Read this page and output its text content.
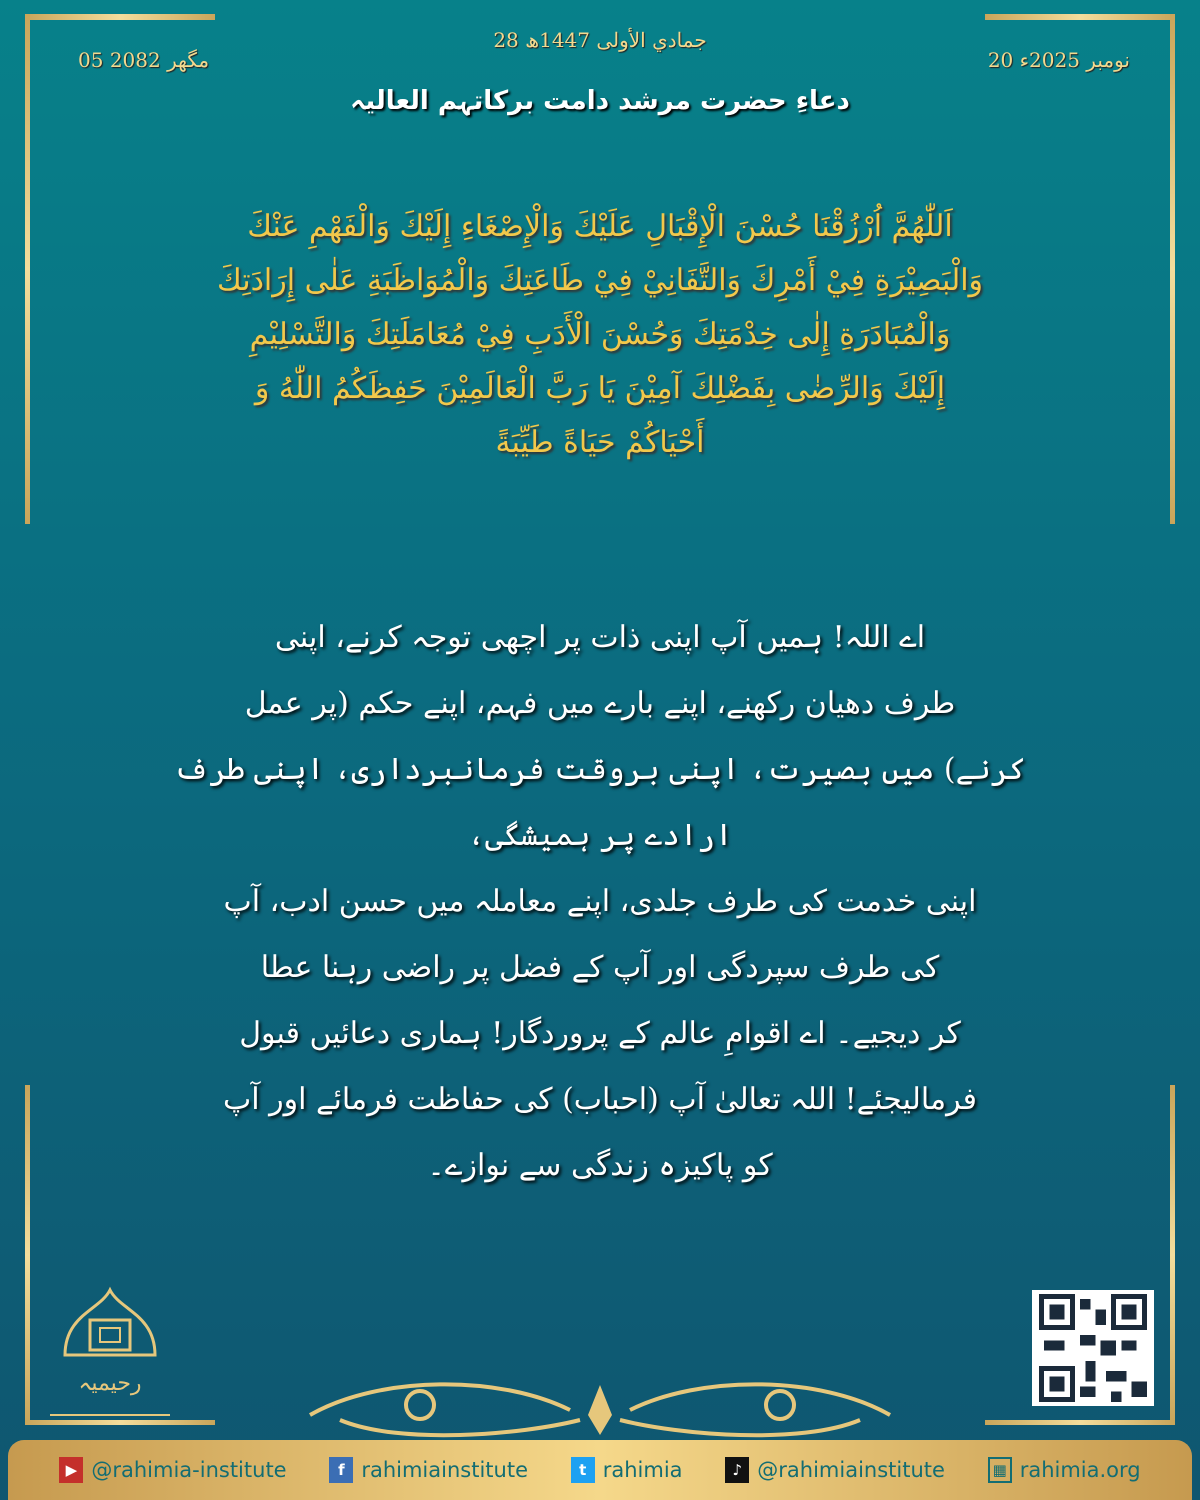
28 جمادي الأولى 1447ھ
05 مگھر 2082	20 نومبر 2025ء
دعاءِ حضرت مرشد دامت برکاتہم العالیہ
اَللّٰهُمَّ اُرْزُقْنَا حُسْنَ الْإِقْبَالِ عَلَيْكَ وَالْإِصْغَاءِ إِلَيْكَ وَالْفَهْمِ عَنْكَ
وَالْبَصِيْرَةِ فِيْ أَمْرِكَ وَالتَّفَانِيْ فِيْ طَاعَتِكَ وَالْمُوَاظَبَةِ عَلٰى إِرَادَتِكَ
وَالْمُبَادَرَةِ إِلٰى خِدْمَتِكَ وَحُسْنَ الْأَدَبِ فِيْ مُعَامَلَتِكَ وَالتَّسْلِيْمِ
إِلَيْكَ وَالرِّضٰى بِفَضْلِكَ آمِيْنَ يَا رَبَّ الْعَالَمِيْنَ حَفِظَكُمُ اللّٰهُ وَ
أَحْيَاكُمْ حَيَاةً طَيِّبَةً
اے اللہ! ہمیں آپ اپنی ذات پر اچھی توجہ کرنے، اپنی
طرف دھیان رکھنے، اپنے بارے میں فہم، اپنے حکم (پر عمل
کرنے) میں بصیرت، اپنی بروقت فرمانبرداری، اپنی طرف ارادے پر ہمیشگی،
اپنی خدمت کی طرف جلدی، اپنے معاملہ میں حسن ادب، آپ
کی طرف سپردگی اور آپ کے فضل پر راضی رہنا عطا
کر دیجیے۔ اے اقوامِ عالم کے پروردگار! ہماری دعائیں قبول
فرمالیجئے! اللہ تعالیٰ آپ (احباب) کی حفاظت فرمائے اور آپ
کو پاکیزہ زندگی سے نوازے۔
رحیمیہ
▶ @rahimia-institute	f rahimiainstitute	t rahimia	♪ @rahimiainstitute	▦ rahimia.org
